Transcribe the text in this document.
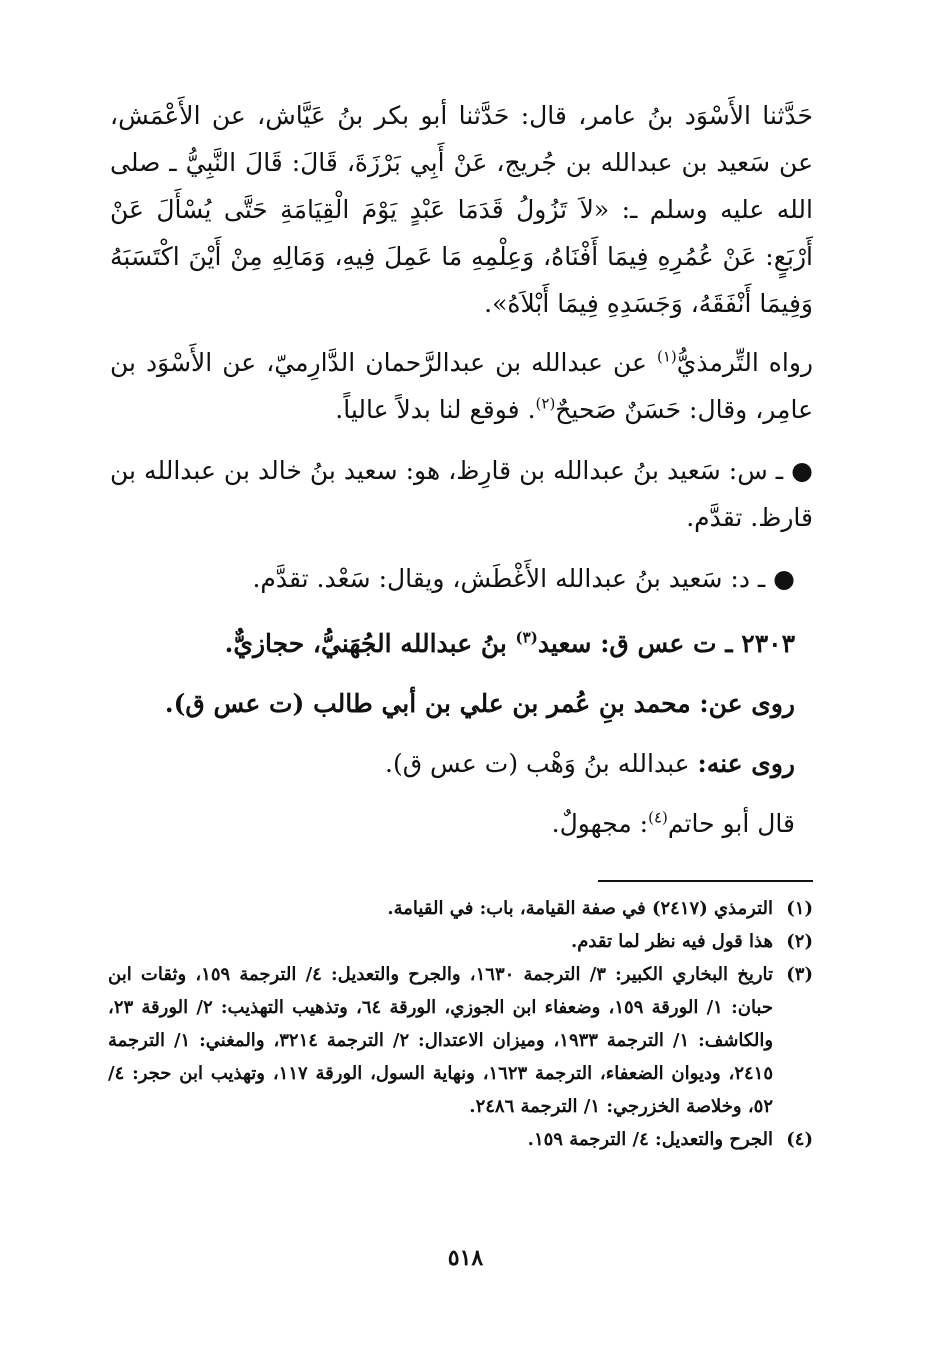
حَدَّثنا الأَسْوَد بنُ عامر، قال: حَدَّثنا أبو بكر بنُ عَيَّاش، عن الأَعْمَش، عن سَعيد بن عبدالله بن جُريج، عَنْ أَبِي بَرْزَةَ، قَالَ: قَالَ النَّبِيُّ ـ صلى الله عليه وسلم ـ: «لاَ تَزُولُ قَدَمَا عَبْدٍ يَوْمَ الْقِيَامَةِ حَتَّى يُسْأَلَ عَنْ أَرْبَعٍ: عَنْ عُمُرِهِ فِيمَا أَفْنَاهُ، وَعِلْمِهِ مَا عَمِلَ فِيهِ، وَمَالِهِ مِنْ أَيْنَ اكْتَسَبَهُ وَفِيمَا أَنْفَقَهُ، وَجَسَدِهِ فِيمَا أَبْلاَهُ».

رواه التِّرمذيُّ$^{(١)}$ عن عبدالله بن عبدالرَّحمان الدَّارِميّ، عن الأَسْوَد بن عامِر، وقال: حَسَنٌ صَحيحٌ$^{(٢)}$. فوقع لنا بدلاً عالياً.

● ـ س: سَعيد بنُ عبدالله بن قارِظ، هو: سعيد بنُ خالد بن عبدالله بن قارظ. تقدَّم.

● ـ د: سَعيد بنُ عبدالله الأَغْطَش، ويقال: سَعْد. تقدَّم.

٢٣٠٣ ـ ت عس ق: سعيد$^{(٣)}$ بنُ عبدالله الجُهَنيُّ، حجازيٌّ.

روى عن: محمد بنِ عُمر بن علي بن أبي طالب (ت عس ق).

روى عنه: عبدالله بنُ وَهْب (ت عس ق).

قال أبو حاتم$^{(٤)}$: مجهولٌ.

(١)
الترمذي (٢٤١٧) في صفة القيامة، باب: في القيامة.
(٢)
هذا قول فيه نظر لما تقدم.
(٣)
تاريخ البخاري الكبير: ٣/ الترجمة ١٦٣٠، والجرح والتعديل: ٤/ الترجمة ١٥٩، وثقات ابن حبان: ١/ الورقة ١٥٩، وضعفاء ابن الجوزي، الورقة ٦٤، وتذهيب التهذيب: ٢/ الورقة ٢٣، والكاشف: ١/ الترجمة ١٩٣٣، وميزان الاعتدال: ٢/ الترجمة ٣٢١٤، والمغني: ١/ الترجمة ٢٤١٥، وديوان الضعفاء، الترجمة ١٦٢٣، ونهاية السول، الورقة ١١٧، وتهذيب ابن حجر: ٤/ ٥٢، وخلاصة الخزرجي: ١/ الترجمة ٢٤٨٦.
(٤)
الجرح والتعديل: ٤/ الترجمة ١٥٩.
٥١٨
